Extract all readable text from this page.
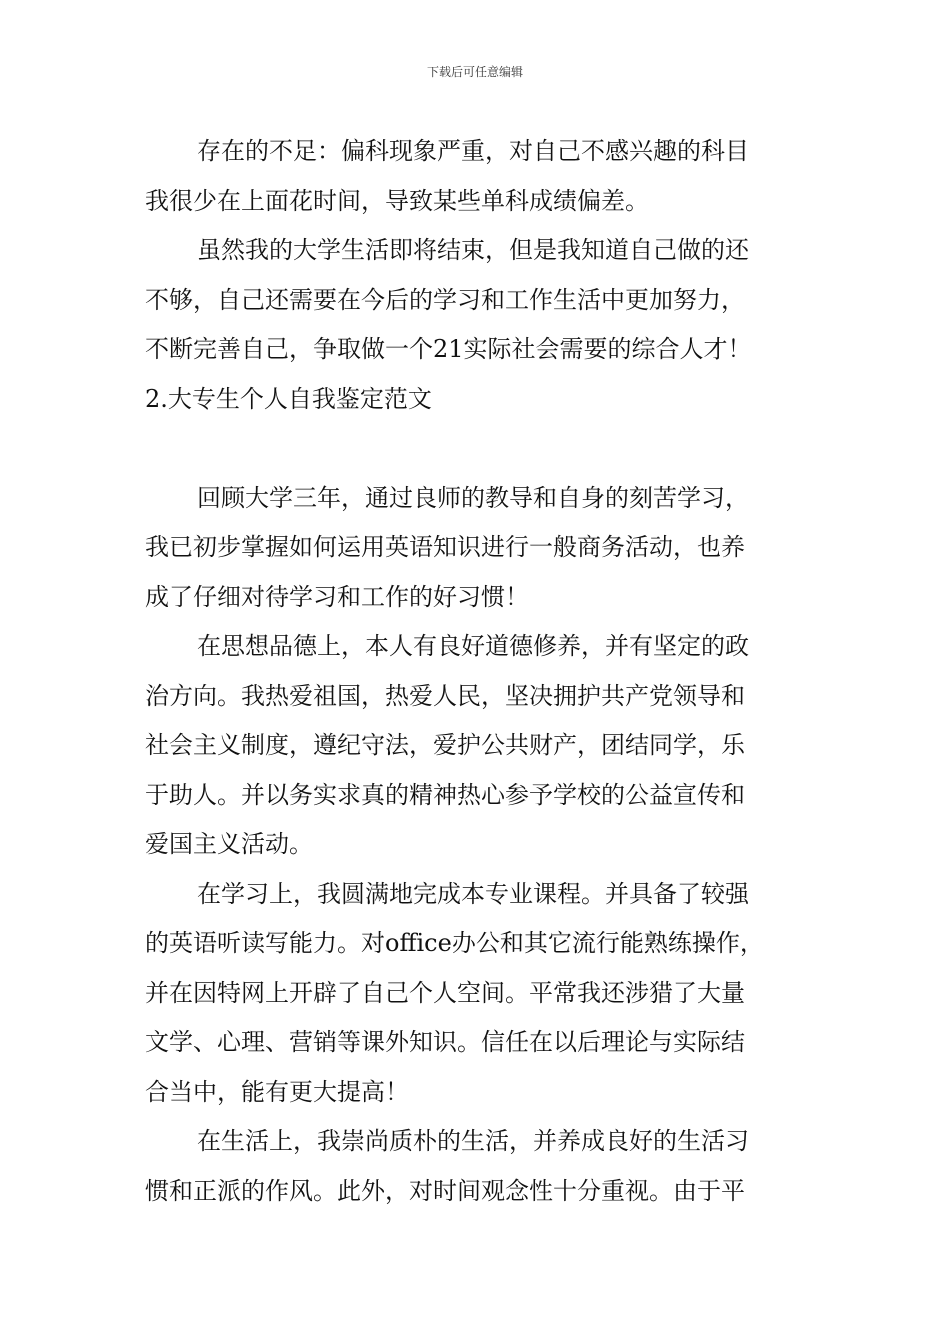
下载后可任意编辑
存在的不足：偏科现象严重，对自己不感兴趣的科目
我很少在上面花时间，导致某些单科成绩偏差。
虽然我的大学生活即将结束，但是我知道自己做的还
不够，自己还需要在今后的学习和工作生活中更加努力，
不断完善自己，争取做一个21实际社会需要的综合人才！
2.大专生个人自我鉴定范文
回顾大学三年，通过良师的教导和自身的刻苦学习，
我已初步掌握如何运用英语知识进行一般商务活动，也养
成了仔细对待学习和工作的好习惯！
在思想品德上，本人有良好道德修养，并有坚定的政
治方向。我热爱祖国，热爱人民，坚决拥护共产党领导和
社会主义制度，遵纪守法，爱护公共财产，团结同学，乐
于助人。并以务实求真的精神热心参予学校的公益宣传和
爱国主义活动。
在学习上，我圆满地完成本专业课程。并具备了较强
的英语听读写能力。对office办公和其它流行能熟练操作，
并在因特网上开辟了自己个人空间。平常我还涉猎了大量
文学、心理、营销等课外知识。信任在以后理论与实际结
合当中，能有更大提高！
在生活上，我崇尚质朴的生活，并养成良好的生活习
惯和正派的作风。此外，对时间观念性十分重视。由于平
